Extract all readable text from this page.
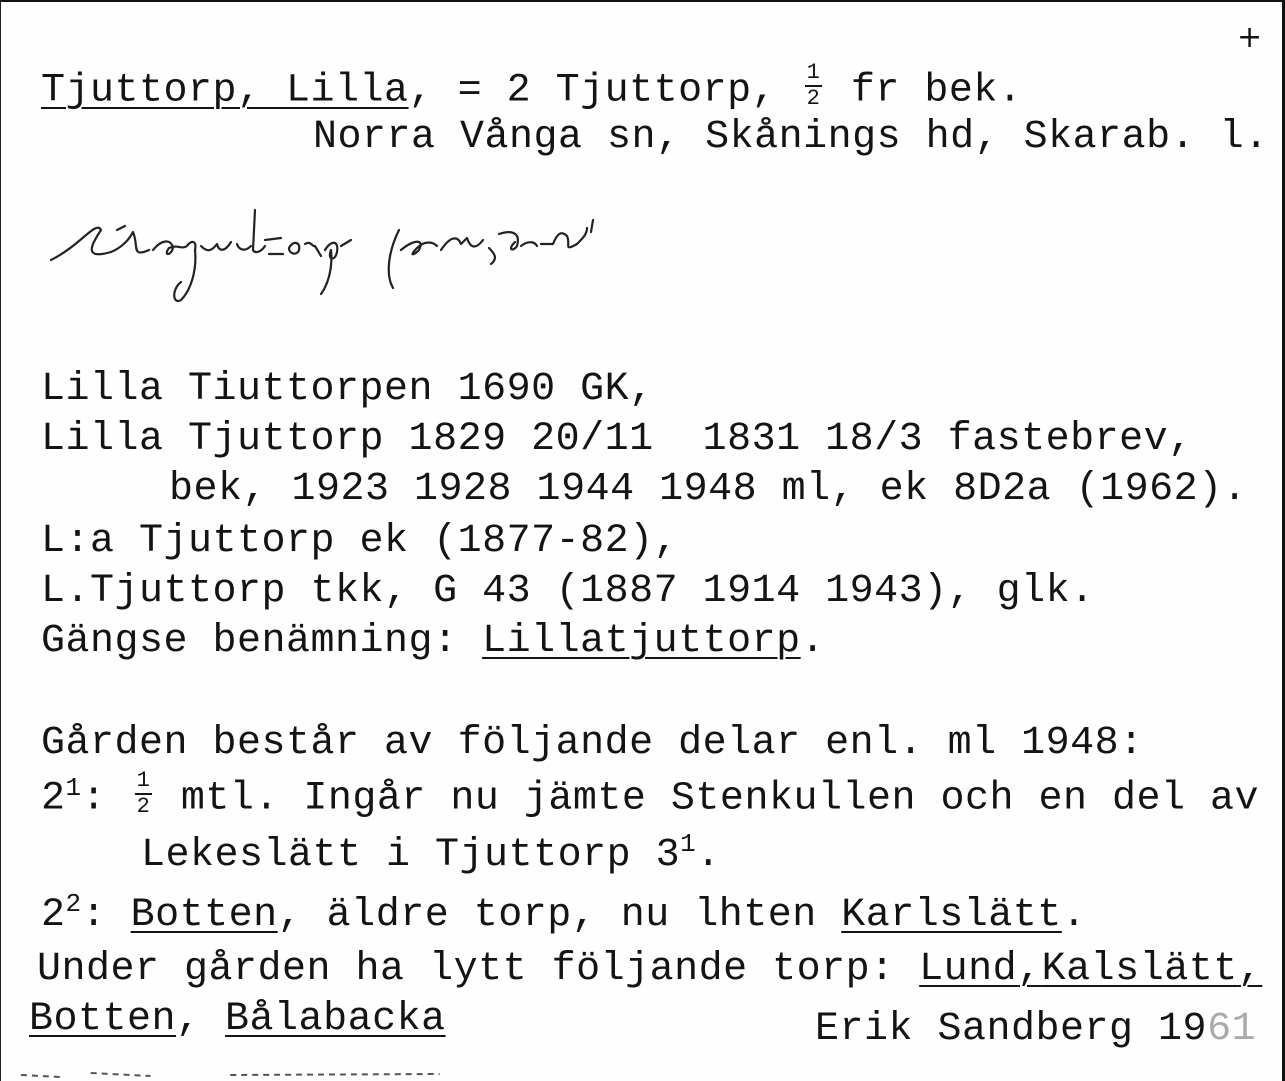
+
Tjuttorp, Lilla, = 2 Tjuttorp, $\frac{1}{2}$ fr bek.
Norra Vånga sn, Skånings hd, Skarab. l.
Lilla Tiuttorpen 1690 GK,
Lilla Tjuttorp 1829 20/11  1831 18/3 fastebrev,
bek, 1923 1928 1944 1948 ml, ek 8D2a (1962).
L:a Tjuttorp ek (1877-82),
L.Tjuttorp tkk, G 43 (1887 1914 1943), glk.
Gängse benämning: Lillatjuttorp.
Gården består av följande delar enl. ml 1948:
$2^1$: $\frac{1}{2}$ mtl. Ingår nu jämte Stenkullen och en del av
Lekeslätt i Tjuttorp $3^1$.
$2^2$: Botten, äldre torp, nu lhten Karlslätt.
Under gården ha lytt följande torp: Lund,Kalslätt,
Botten, Bålabacka	Erik Sandberg 1961
